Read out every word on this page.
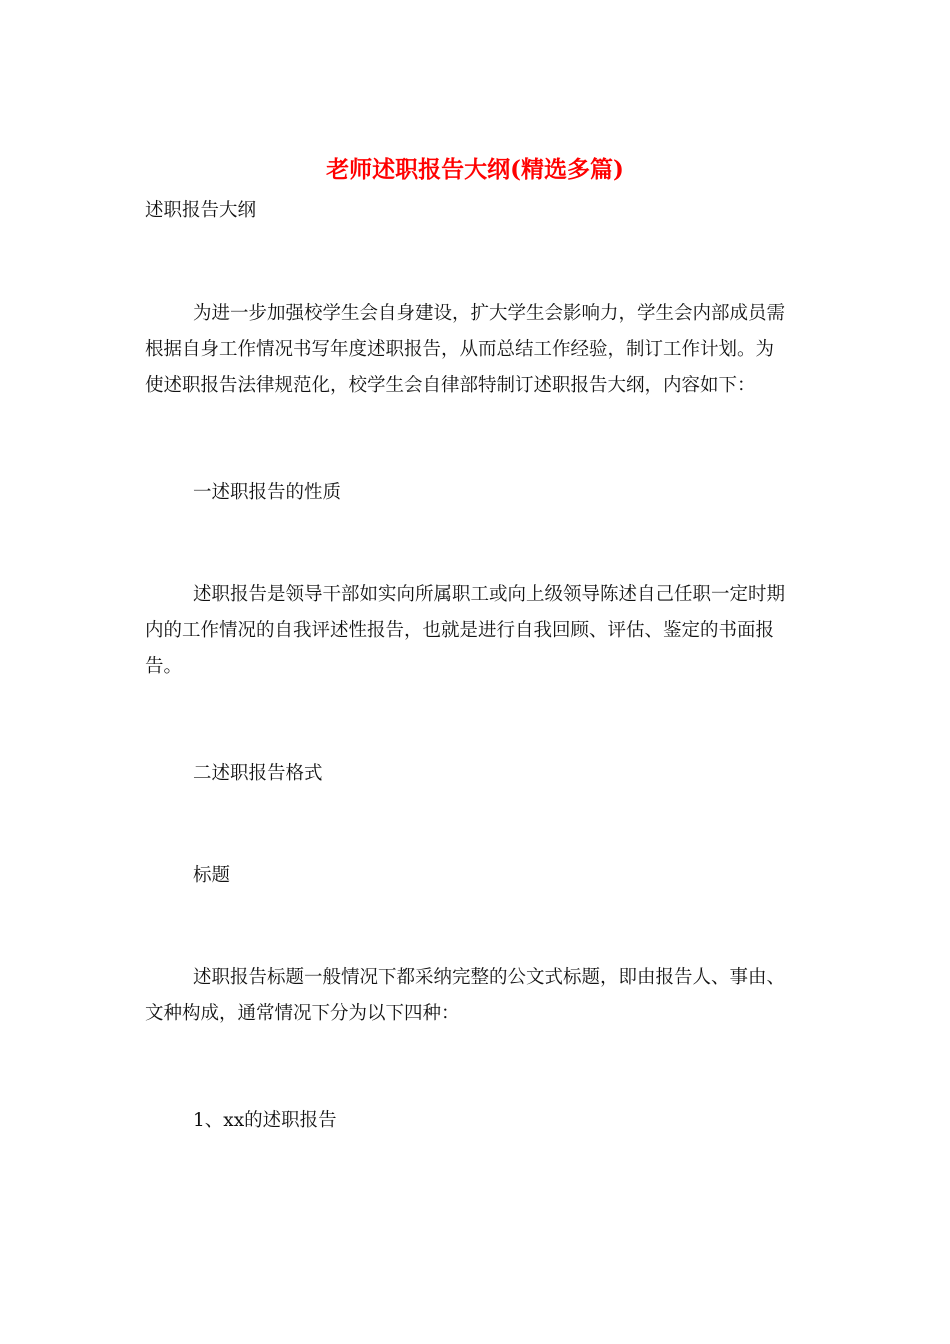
老师述职报告大纲(精选多篇)
述职报告大纲
为进一步加强校学生会自身建设，扩大学生会影响力，学生会内部成员需
根据自身工作情况书写年度述职报告，从而总结工作经验，制订工作计划。为
使述职报告法律规范化，校学生会自律部特制订述职报告大纲，内容如下：
一述职报告的性质
述职报告是领导干部如实向所属职工或向上级领导陈述自己任职一定时期
内的工作情况的自我评述性报告，也就是进行自我回顾、评估、鉴定的书面报
告。
二述职报告格式
标题
述职报告标题一般情况下都采纳完整的公文式标题，即由报告人、事由、
文种构成，通常情况下分为以下四种：
1、xx的述职报告
